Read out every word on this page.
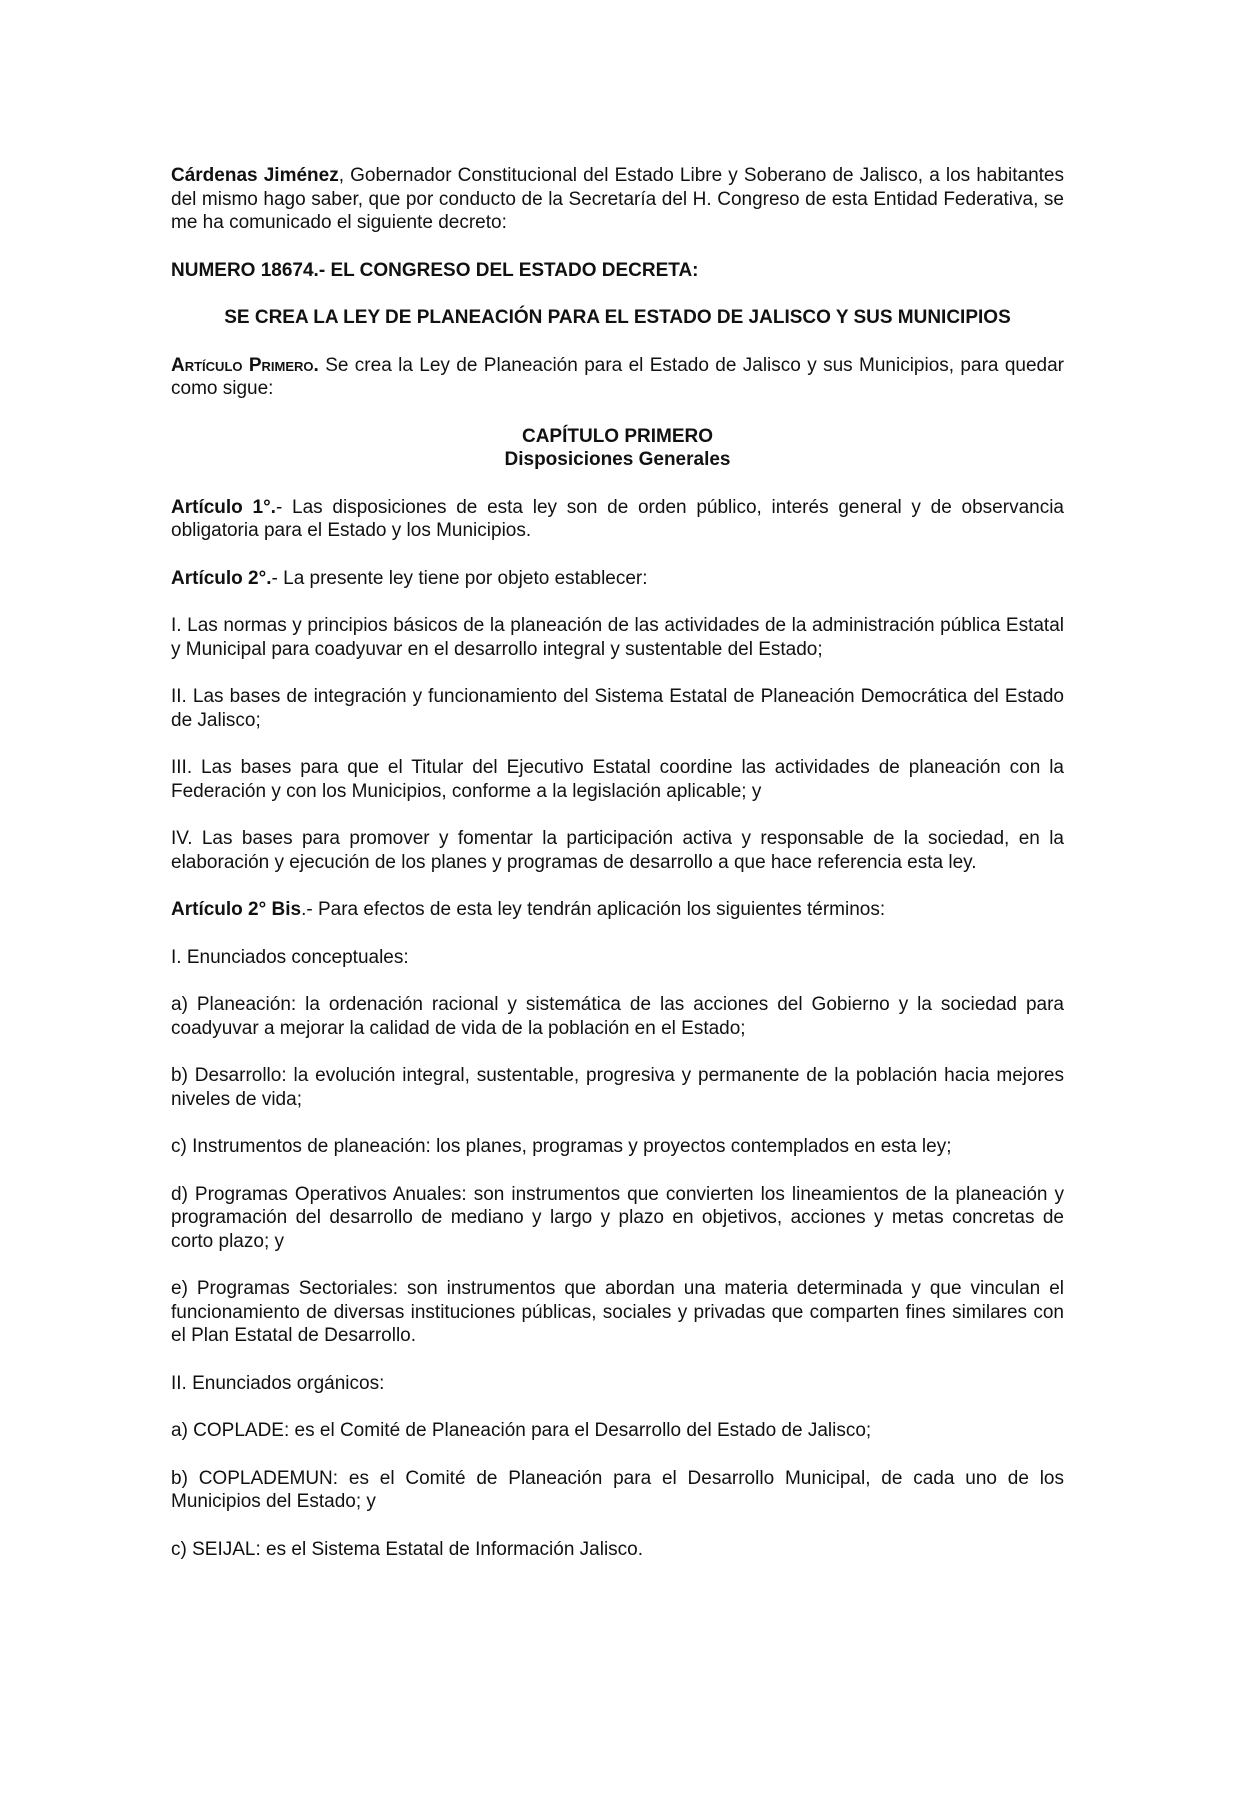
Cárdenas Jiménez, Gobernador Constitucional del Estado Libre y Soberano de Jalisco, a los habitantes del mismo hago saber, que por conducto de la Secretaría del H. Congreso de esta Entidad Federativa, se me ha comunicado el siguiente decreto:

NUMERO 18674.- EL CONGRESO DEL ESTADO DECRETA:

SE CREA LA LEY DE PLANEACIÓN PARA EL ESTADO DE JALISCO Y SUS MUNICIPIOS

Artículo Primero. Se crea la Ley de Planeación para el Estado de Jalisco y sus Municipios, para quedar como sigue:

CAPÍTULO PRIMERO
Disposiciones Generales

Artículo 1°.- Las disposiciones de esta ley son de orden público, interés general y de observancia obligatoria para el Estado y los Municipios.

Artículo 2°.- La presente ley tiene por objeto establecer:

I. Las normas y principios básicos de la planeación de las actividades de la administración pública Estatal y Municipal para coadyuvar en el desarrollo integral y sustentable del Estado;

II. Las bases de integración y funcionamiento del Sistema Estatal de Planeación Democrática del Estado de Jalisco;

III. Las bases para que el Titular del Ejecutivo Estatal coordine las actividades de planeación con la Federación y con los Municipios, conforme a la legislación aplicable; y

IV. Las bases para promover y fomentar la participación activa y responsable de la sociedad, en la elaboración y ejecución de los planes y programas de desarrollo a que hace referencia esta ley.

Artículo 2° Bis.- Para efectos de esta ley tendrán aplicación los siguientes términos:

I. Enunciados conceptuales:

a) Planeación: la ordenación racional y sistemática de las acciones del Gobierno y la sociedad para coadyuvar a mejorar la calidad de vida de la población en el Estado;

b) Desarrollo: la evolución integral, sustentable, progresiva y permanente de la población hacia mejores niveles de vida;

c) Instrumentos de planeación: los planes, programas y proyectos contemplados en esta ley;

d) Programas Operativos Anuales: son instrumentos que convierten los lineamientos de la planeación y programación del desarrollo de mediano y largo y plazo en objetivos, acciones y metas concretas de corto plazo; y

e) Programas Sectoriales: son instrumentos que abordan una materia determinada y que vinculan el funcionamiento de diversas instituciones públicas, sociales y privadas que comparten fines similares con el Plan Estatal de Desarrollo.

II. Enunciados orgánicos:

a) COPLADE: es el Comité de Planeación para el Desarrollo del Estado de Jalisco;

b) COPLADEMUN: es el Comité de Planeación para el Desarrollo Municipal, de cada uno de los Municipios del Estado; y

c) SEIJAL: es el Sistema Estatal de Información Jalisco.
